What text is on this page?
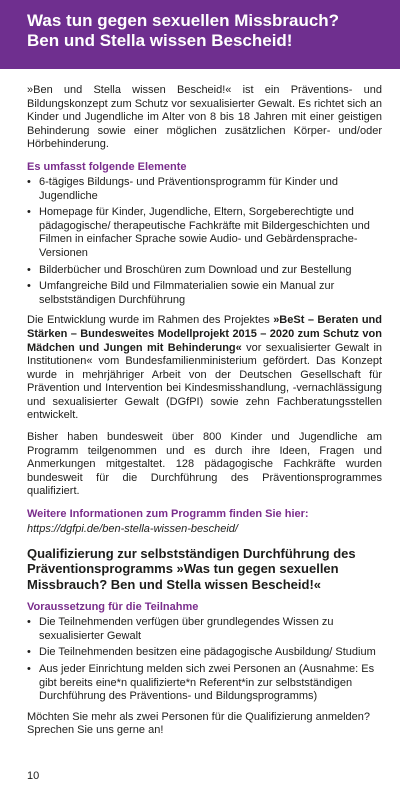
Was tun gegen sexuellen Missbrauch?
Ben und Stella wissen Bescheid!

»Ben und Stella wissen Bescheid!« ist ein Präventions- und Bildungskonzept zum Schutz vor sexualisierter Gewalt. Es richtet sich an Kinder und Jugendliche im Alter von 8 bis 18 Jahren mit einer geistigen Behinderung sowie einer möglichen zusätzlichen Körper- und/oder Hörbehinderung.

Es umfasst folgende Elemente
• 6-tägiges Bildungs- und Präventionsprogramm für Kinder und Jugendliche
• Homepage für Kinder, Jugendliche, Eltern, Sorgeberechtigte und pädagogische/ therapeutische Fachkräfte mit Bildergeschichten und Filmen in einfacher Sprache sowie Audio- und Gebärdensprache-Versionen
• Bilderbücher und Broschüren zum Download und zur Bestellung
• Umfangreiche Bild und Filmmaterialien sowie ein Manual zur selbstständigen Durchführung

Die Entwicklung wurde im Rahmen des Projektes »BeSt – Beraten und Stärken – Bundesweites Modellprojekt 2015 – 2020 zum Schutz von Mädchen und Jungen mit Behinderung« vor sexualisierter Gewalt in Institutionen« vom Bundesfamilienministerium gefördert. Das Konzept wurde in mehrjähriger Arbeit von der Deutschen Gesellschaft für Prävention und Intervention bei Kindesmisshandlung, -vernachlässigung und sexualisierter Gewalt (DGfPI) sowie zehn Fachberatungsstellen entwickelt.

Bisher haben bundesweit über 800 Kinder und Jugendliche am Programm teilgenommen und es durch ihre Ideen, Fragen und Anmerkungen mitgestaltet. 128 pädagogische Fachkräfte wurden bundesweit für die Durchführung des Präventionsprogrammes qualifiziert.

Weitere Informationen zum Programm finden Sie hier:
https://dgfpi.de/ben-stella-wissen-bescheid/
Qualifizierung zur selbstständigen Durchführung des Präventionsprogramms »Was tun gegen sexuellen Missbrauch? Ben und Stella wissen Bescheid!«
Voraussetzung für die Teilnahme
• Die Teilnehmenden verfügen über grundlegendes Wissen zu sexualisierter Gewalt
• Die Teilnehmenden besitzen eine pädagogische Ausbildung/ Studium
• Aus jeder Einrichtung melden sich zwei Personen an (Ausnahme: Es gibt bereits eine*n qualifizierte*n Referent*in zur selbstständigen Durchführung des Präventions- und Bildungsprogramms)

Möchten Sie mehr als zwei Personen für die Qualifizierung anmelden? Sprechen Sie uns gerne an!

10
